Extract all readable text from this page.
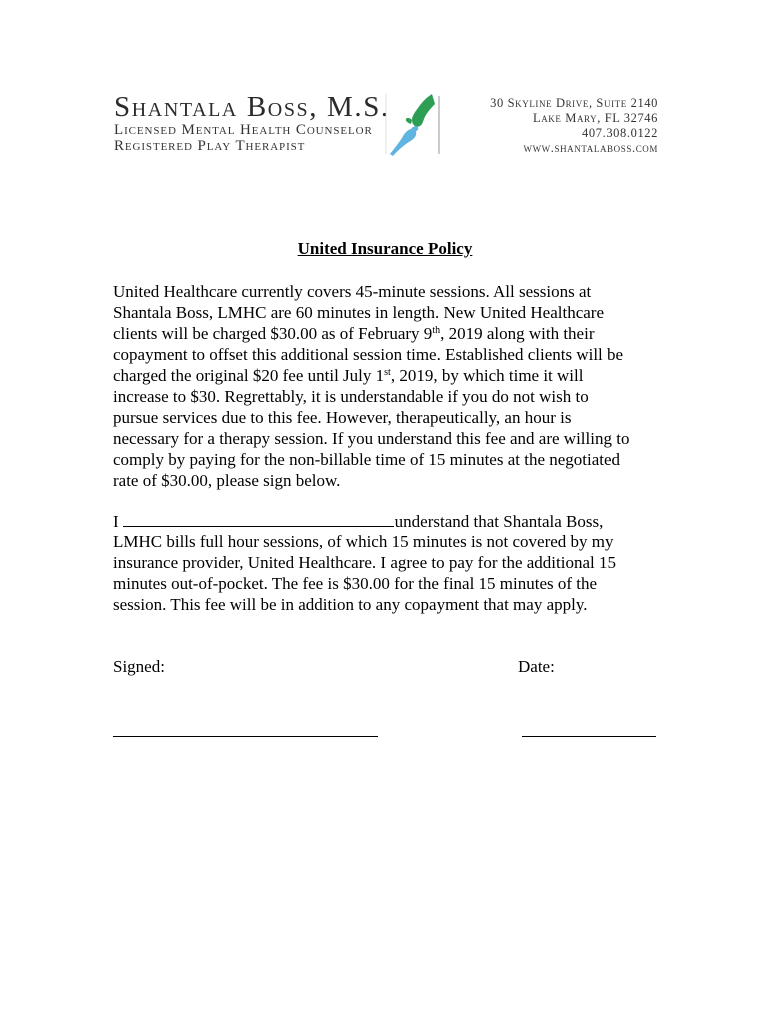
Shantala Boss, M.S.
Licensed Mental Health Counselor
Registered Play Therapist
30 Skyline Drive, Suite 2140
Lake Mary, FL 32746
407.308.0122
www.shantalaboss.com
United Insurance Policy
United Healthcare currently covers 45-minute sessions. All sessions at
Shantala Boss, LMHC are 60 minutes in length. New United Healthcare
clients will be charged $30.00 as of February 9th, 2019 along with their
copayment to offset this additional session time. Established clients will be
charged the original $20 fee until July 1st, 2019, by which time it will
increase to $30. Regrettably, it is understandable if you do not wish to
pursue services due to this fee. However, therapeutically, an hour is
necessary for a therapy session. If you understand this fee and are willing to
comply by paying for the non-billable time of 15 minutes at the negotiated
rate of $30.00, please sign below.
I	understand that Shantala Boss,
LMHC bills full hour sessions, of which 15 minutes is not covered by my
insurance provider, United Healthcare. I agree to pay for the additional 15
minutes out-of-pocket. The fee is $30.00 for the final 15 minutes of the
session. This fee will be in addition to any copayment that may apply.
Signed:	Date:
